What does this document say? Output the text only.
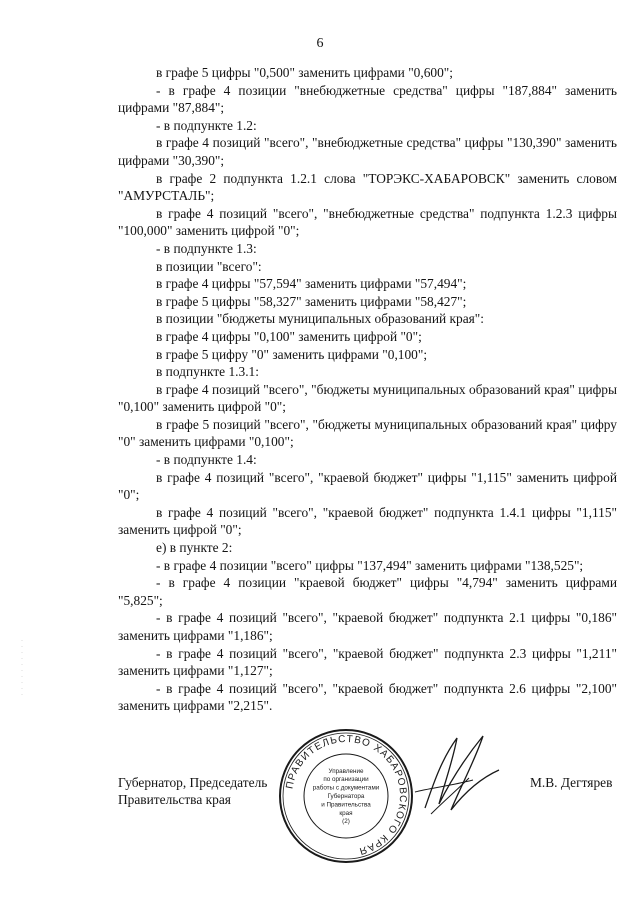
6

в графе 5 цифры "0,500" заменить цифрами "0,600";

- в графе 4 позиции "внебюджетные средства" цифры "187,884" заменить цифрами "87,884";

- в подпункте 1.2:

в графе 4 позиций "всего", "внебюджетные средства" цифры "130,390" заменить цифрами "30,390";

в графе 2 подпункта 1.2.1 слова "ТОРЭКС-ХАБАРОВСК" заменить словом "АМУРСТАЛЬ";

в графе 4 позиций "всего", "внебюджетные средства" подпункта 1.2.3 цифры "100,000" заменить цифрой "0";

- в подпункте 1.3:

в позиции "всего":

в графе 4 цифры "57,594" заменить цифрами "57,494";

в графе 5 цифры "58,327" заменить цифрами "58,427";

в позиции "бюджеты муниципальных образований края":

в графе 4 цифры "0,100" заменить цифрой "0";

в графе 5 цифру "0" заменить цифрами "0,100";

в подпункте 1.3.1:

в графе 4 позиций "всего", "бюджеты муниципальных образований края" цифры "0,100" заменить цифрой "0";

в графе 5 позиций "всего", "бюджеты муниципальных образований края" цифру "0" заменить цифрами "0,100";

- в подпункте 1.4:

в графе 4 позиций "всего", "краевой бюджет" цифры "1,115" заменить цифрой "0";

в графе 4 позиций "всего", "краевой бюджет" подпункта 1.4.1 цифры "1,115" заменить цифрой "0";

е) в пункте 2:

- в графе 4 позиции "всего" цифры "137,494" заменить цифрами "138,525";

- в графе 4 позиции "краевой бюджет" цифры "4,794" заменить цифрами "5,825";

- в графе 4 позиций "всего", "краевой бюджет" подпункта 2.1 цифры "0,186" заменить цифрами "1,186";

- в графе 4 позиций "всего", "краевой бюджет" подпункта 2.3 цифры "1,211" заменить цифрами "1,127";

- в графе 4 позиций "всего", "краевой бюджет" подпункта 2.6 цифры "2,100" заменить цифрами "2,215".

Губернатор, Председатель
Правительства края
М.В. Дегтярев
ПРАВИТЕЛЬСТВО ХАБАРОВСКОГО КРАЯ
Управление
по организации
работы с документами
Губернатора
и Правительства
края
(2)
